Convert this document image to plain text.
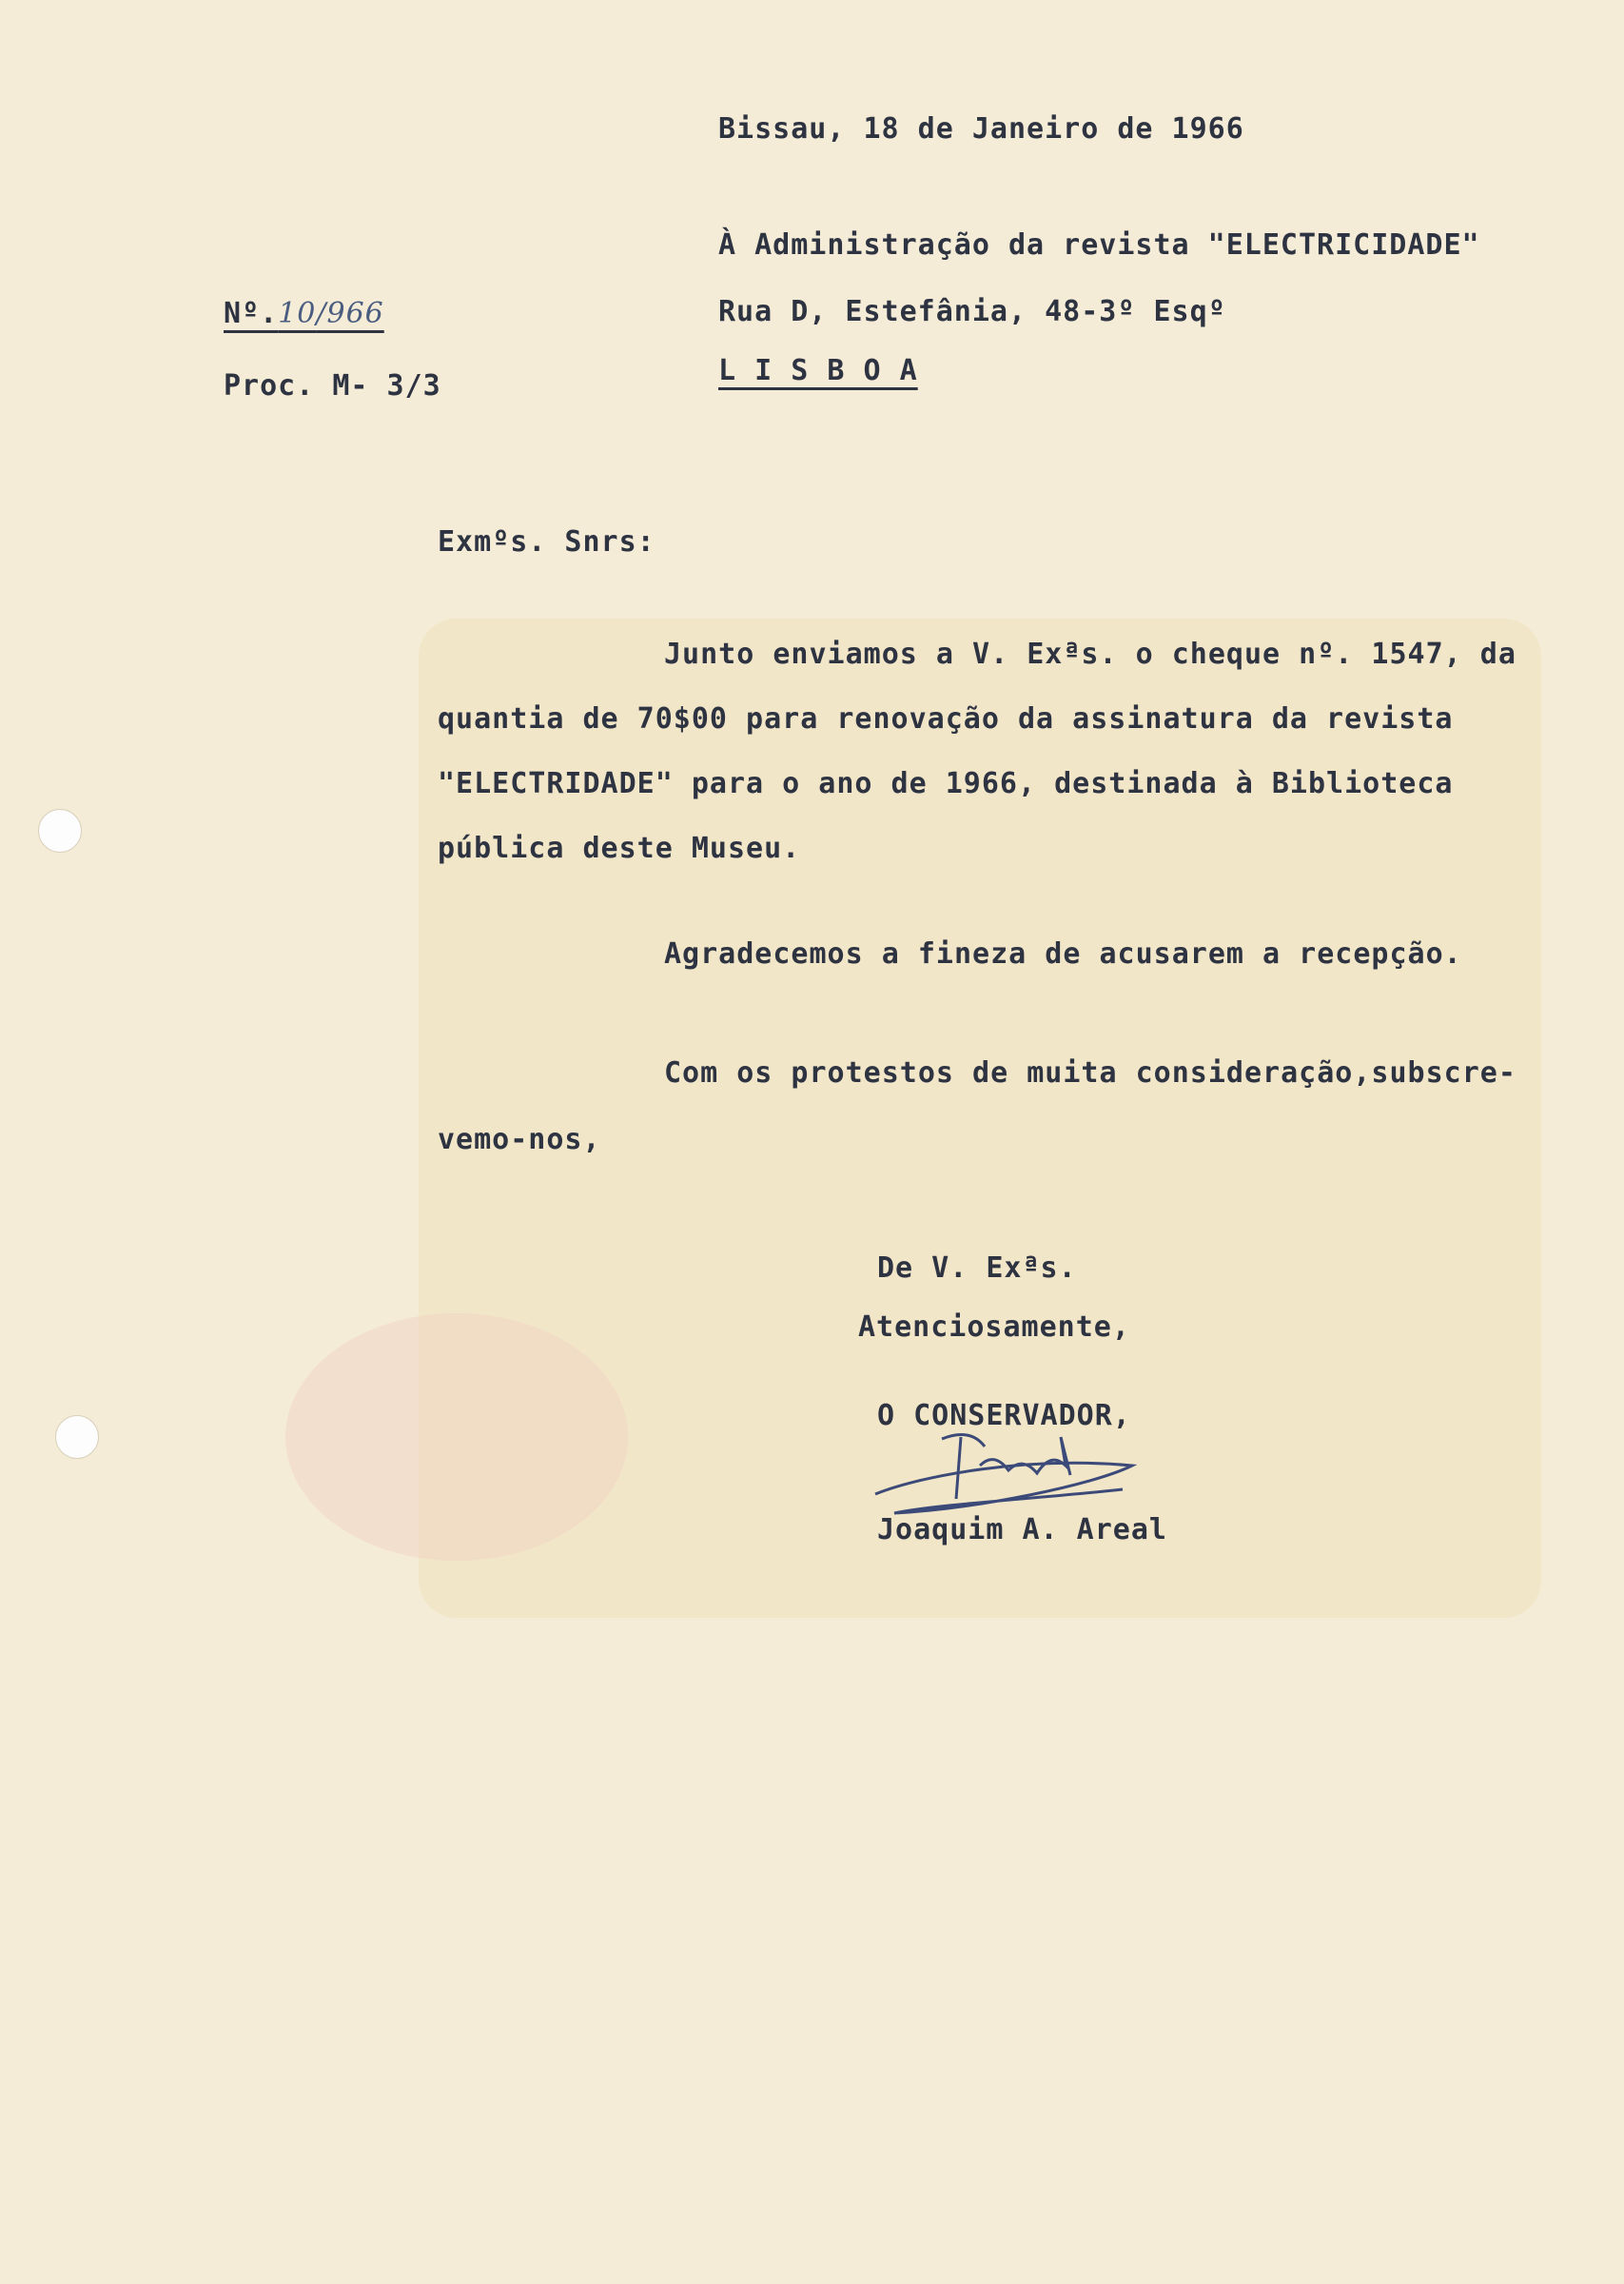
Bissau, 18 de Janeiro de 1966
À Administração da revista "ELECTRICIDADE"
Rua D, Estefânia, 48-3º Esqº
L I S B O A
Nº.10/966
Proc. M- 3/3
Exmºs. Snrs:
Junto enviamos a V. Exªs. o cheque nº. 1547, da
quantia de 70$00 para renovação da assinatura da revista
"ELECTRIDADE" para o ano de 1966, destinada à Biblioteca
pública deste Museu.
Agradecemos a fineza de acusarem a recepção.
Com os protestos de muita consideração,subscre-
vemo-nos,
De V. Exªs.
Atenciosamente,
O CONSERVADOR,
Joaquim A. Areal
